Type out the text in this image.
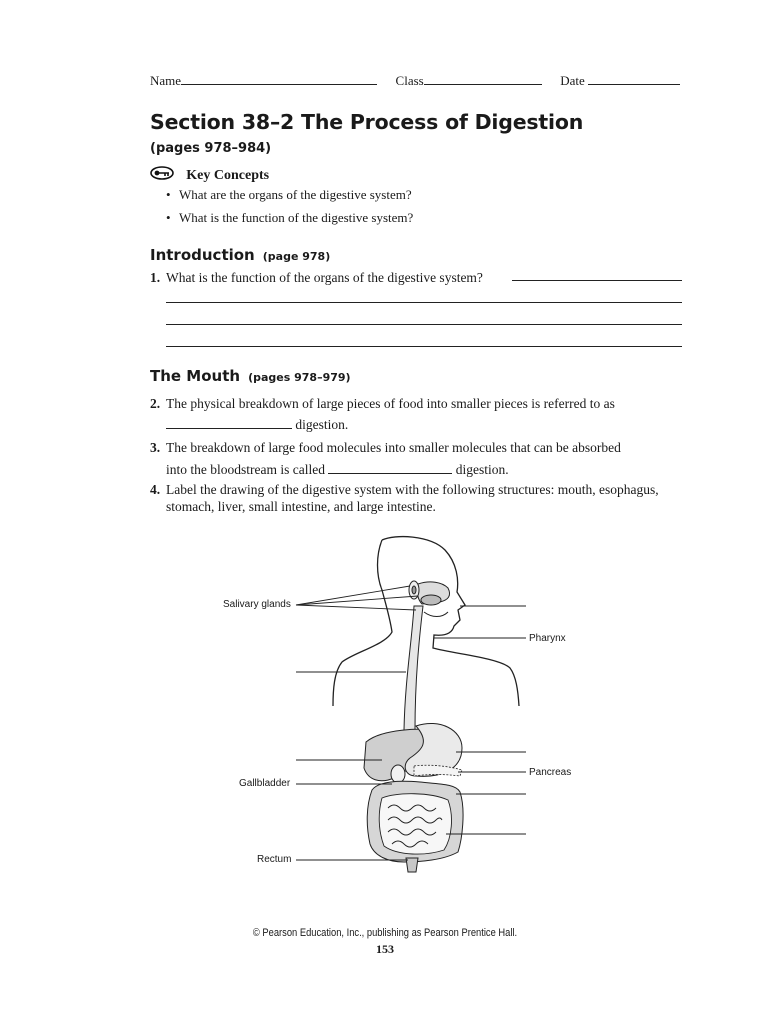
Name	Class	Date
Section 38–2 The Process of Digestion
(pages 978–984)
Key Concepts
• What are the organs of the digestive system?
• What is the function of the digestive system?
Introduction (page 978)
1. What is the function of the organs of the digestive system?
The Mouth (pages 978–979)
2. The physical breakdown of large pieces of food into smaller pieces is referred to as
digestion.
3. The breakdown of large food molecules into smaller molecules that can be absorbed
into the bloodstream is called	digestion.
4. Label the drawing of the digestive system with the following structures: mouth, esophagus, stomach, liver, small intestine, and large intestine.
Salivary glands
Pharynx
Pancreas
Gallbladder
Rectum
© Pearson Education, Inc., publishing as Pearson Prentice Hall.
153
